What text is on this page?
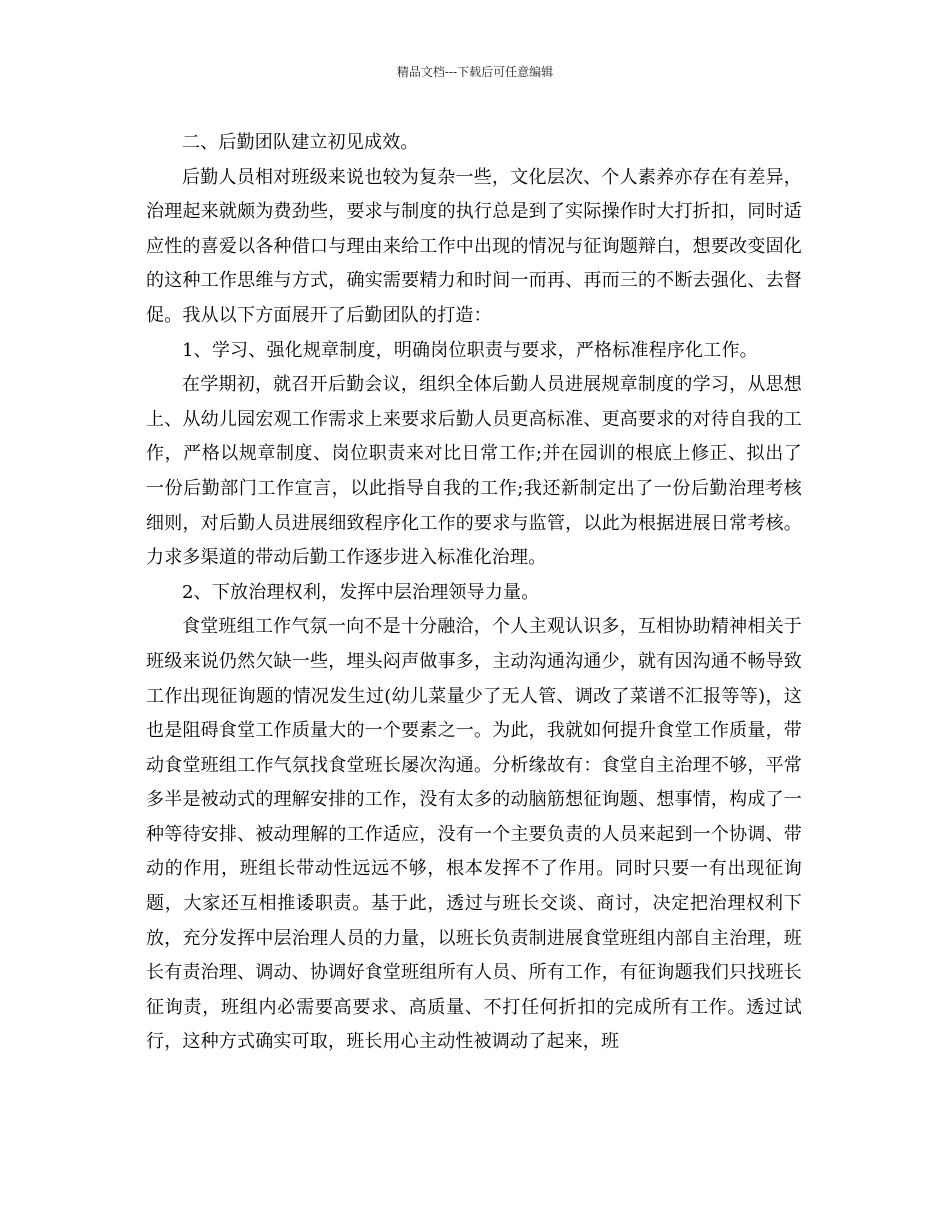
精品文档---下载后可任意编辑

二、后勤团队建立初见成效。

后勤人员相对班级来说也较为复杂一些，文化层次、个人素养亦存在有差异，治理起来就颇为费劲些，要求与制度的执行总是到了实际操作时大打折扣，同时适应性的喜爱以各种借口与理由来给工作中出现的情况与征询题辩白，想要改变固化的这种工作思维与方式，确实需要精力和时间一而再、再而三的不断去强化、去督促。我从以下方面展开了后勤团队的打造：

1、学习、强化规章制度，明确岗位职责与要求，严格标准程序化工作。

在学期初，就召开后勤会议，组织全体后勤人员进展规章制度的学习，从思想上、从幼儿园宏观工作需求上来要求后勤人员更高标准、更高要求的对待自我的工作，严格以规章制度、岗位职责来对比日常工作;并在园训的根底上修正、拟出了一份后勤部门工作宣言，以此指导自我的工作;我还新制定出了一份后勤治理考核细则，对后勤人员进展细致程序化工作的要求与监管，以此为根据进展日常考核。力求多渠道的带动后勤工作逐步进入标准化治理。

2、下放治理权利，发挥中层治理领导力量。

食堂班组工作气氛一向不是十分融洽，个人主观认识多，互相协助精神相关于班级来说仍然欠缺一些，埋头闷声做事多，主动沟通沟通少，就有因沟通不畅导致工作出现征询题的情况发生过(幼儿菜量少了无人管、调改了菜谱不汇报等等)，这也是阻碍食堂工作质量大的一个要素之一。为此，我就如何提升食堂工作质量，带动食堂班组工作气氛找食堂班长屡次沟通。分析缘故有：食堂自主治理不够，平常多半是被动式的理解安排的工作，没有太多的动脑筋想征询题、想事情，构成了一种等待安排、被动理解的工作适应，没有一个主要负责的人员来起到一个协调、带动的作用，班组长带动性远远不够，根本发挥不了作用。同时只要一有出现征询题，大家还互相推诿职责。基于此，透过与班长交谈、商讨，决定把治理权利下放，充分发挥中层治理人员的力量，以班长负责制进展食堂班组内部自主治理，班长有责治理、调动、协调好食堂班组所有人员、所有工作，有征询题我们只找班长征询责，班组内必需要高要求、高质量、不打任何折扣的完成所有工作。透过试行，这种方式确实可取，班长用心主动性被调动了起来，班
